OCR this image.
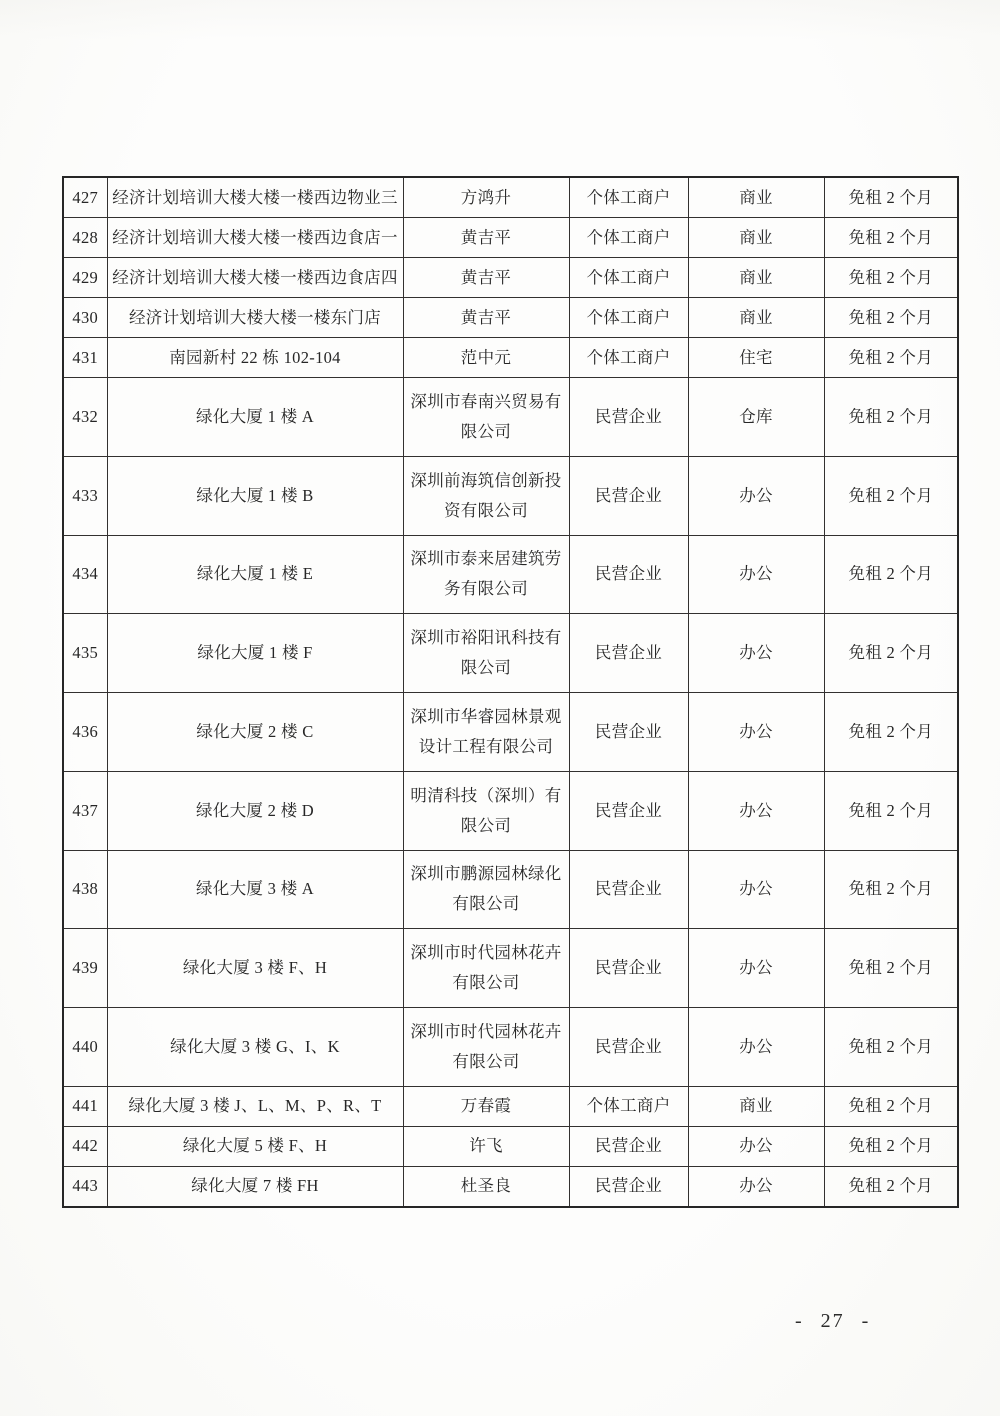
427	经济计划培训大楼大楼一楼西边物业三	方鸿升	个体工商户	商业	免租 2 个月
428	经济计划培训大楼大楼一楼西边食店一	黄吉平	个体工商户	商业	免租 2 个月
429	经济计划培训大楼大楼一楼西边食店四	黄吉平	个体工商户	商业	免租 2 个月
430	经济计划培训大楼大楼一楼东门店	黄吉平	个体工商户	商业	免租 2 个月
431	南园新村 22 栋 102-104	范中元	个体工商户	住宅	免租 2 个月
432	绿化大厦 1 楼 A	深圳市春南兴贸易有限公司	民营企业	仓库	免租 2 个月
433	绿化大厦 1 楼 B	深圳前海筑信创新投资有限公司	民营企业	办公	免租 2 个月
434	绿化大厦 1 楼 E	深圳市泰来居建筑劳务有限公司	民营企业	办公	免租 2 个月
435	绿化大厦 1 楼 F	深圳市裕阳讯科技有限公司	民营企业	办公	免租 2 个月
436	绿化大厦 2 楼 C	深圳市华睿园林景观设计工程有限公司	民营企业	办公	免租 2 个月
437	绿化大厦 2 楼 D	明清科技（深圳）有限公司	民营企业	办公	免租 2 个月
438	绿化大厦 3 楼 A	深圳市鹏源园林绿化有限公司	民营企业	办公	免租 2 个月
439	绿化大厦 3 楼 F、H	深圳市时代园林花卉有限公司	民营企业	办公	免租 2 个月
440	绿化大厦 3 楼 G、I、K	深圳市时代园林花卉有限公司	民营企业	办公	免租 2 个月
441	绿化大厦 3 楼 J、L、M、P、R、T	万春霞	个体工商户	商业	免租 2 个月
442	绿化大厦 5 楼 F、H	许飞	民营企业	办公	免租 2 个月
443	绿化大厦 7 楼 FH	杜圣良	民营企业	办公	免租 2 个月
- 27 -
